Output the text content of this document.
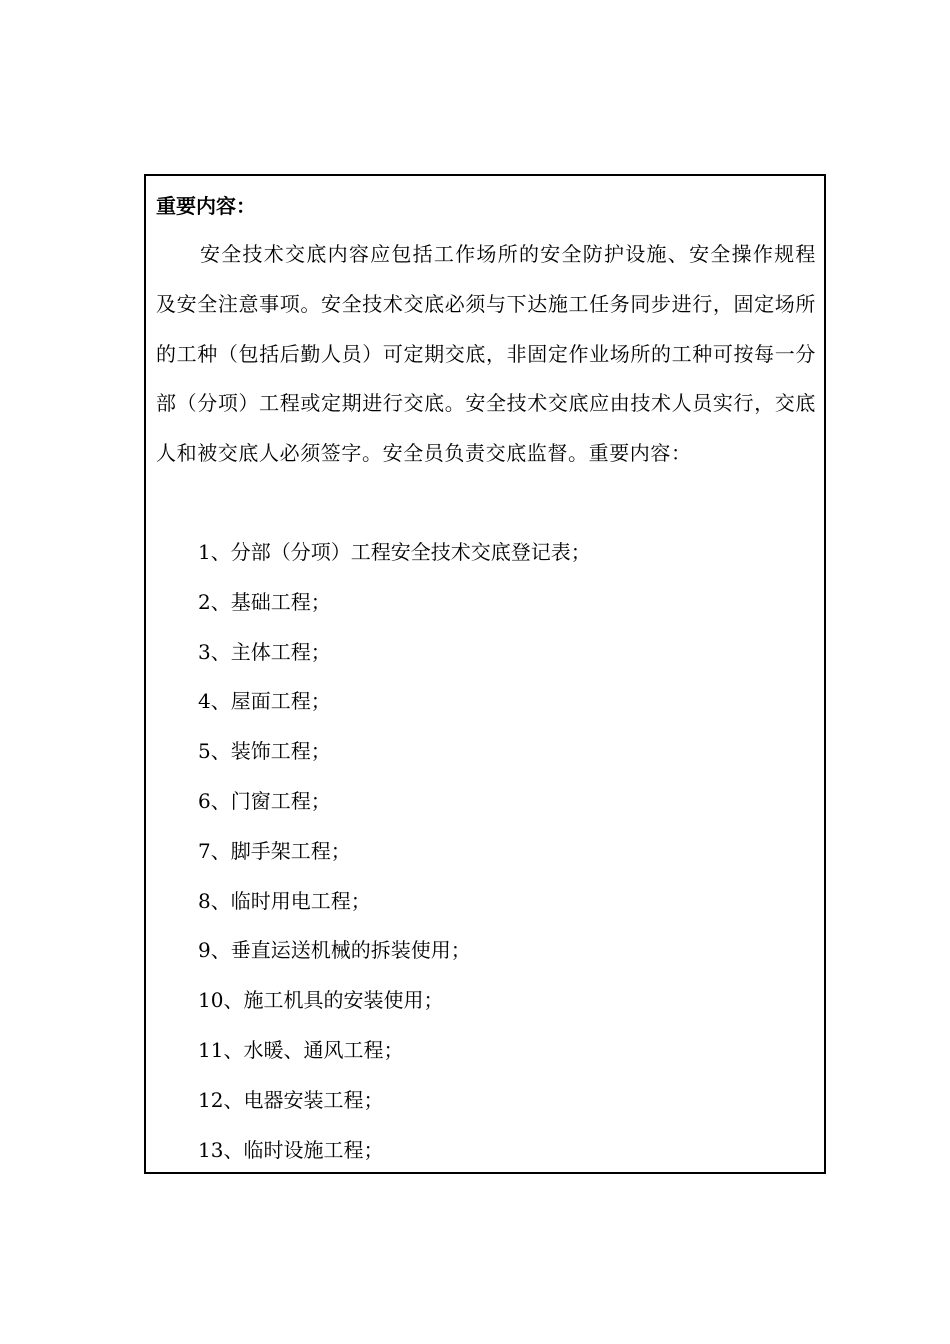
重要内容：

安全技术交底内容应包括工作场所的安全防护设施、安全操作规程及安全注意事项。安全技术交底必须与下达施工任务同步进行，固定场所的工种（包括后勤人员）可定期交底，非固定作业场所的工种可按每一分部（分项）工程或定期进行交底。安全技术交底应由技术人员实行，交底人和被交底人必须签字。安全员负责交底监督。重要内容：

1、分部（分项）工程安全技术交底登记表；
2、基础工程；
3、主体工程；
4、屋面工程；
5、装饰工程；
6、门窗工程；
7、脚手架工程；
8、临时用电工程；
9、垂直运送机械的拆装使用；
10、施工机具的安装使用；
11、水暖、通风工程；
12、电器安装工程；
13、临时设施工程；
